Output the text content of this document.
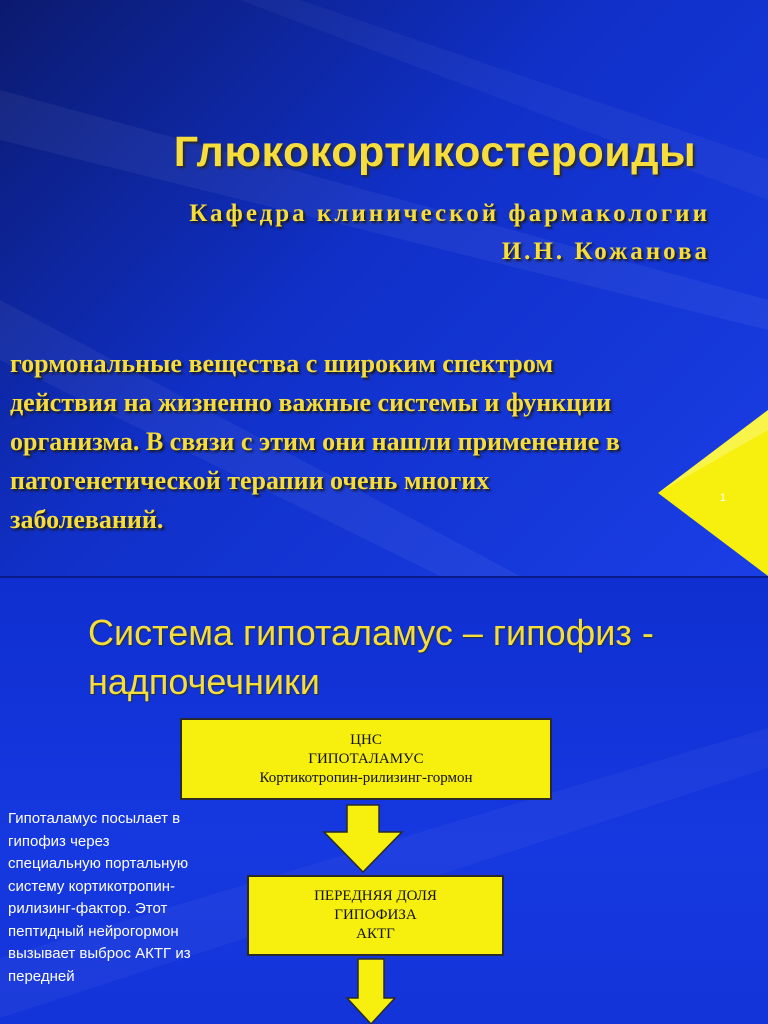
Глюкокортикостероиды
Кафедра клинической фармакологии
И.Н. Кожанова
гормональные вещества с широким спектром действия на жизненно важные системы и функции организма. В связи с этим они нашли применение в патогенетической терапии очень многих заболеваний.
1
Система гипоталамус – гипофиз - надпочечники
ЦНС
ГИПОТАЛАМУС
Кортикотропин-рилизинг-гормон
ПЕРЕДНЯЯ ДОЛЯ
ГИПОФИЗА
АКТГ
Гипоталамус посылает в гипофиз через специальную портальную систему кортикотропин-рилизинг-фактор. Этот пептидный нейрогормон вызывает выброс АКТГ из передней
